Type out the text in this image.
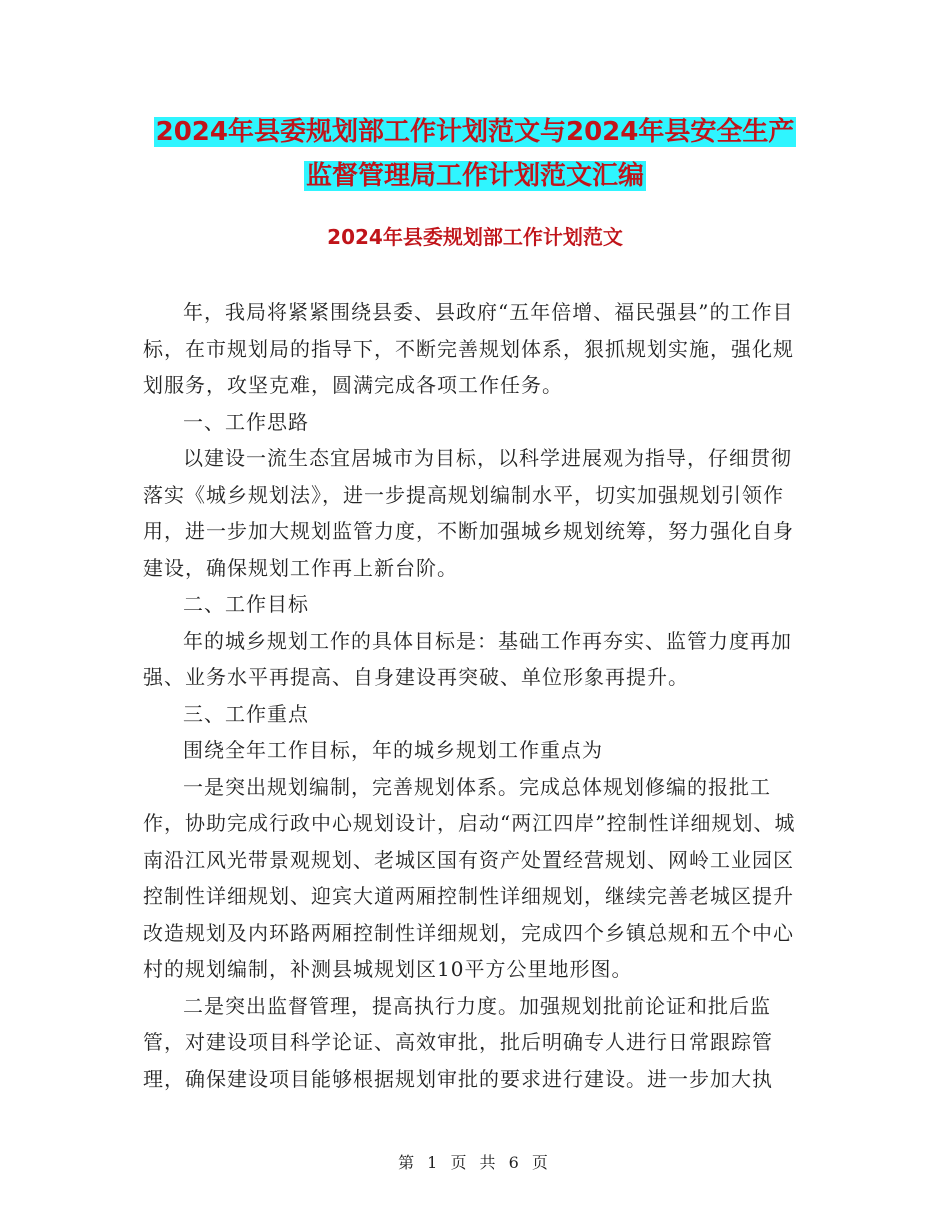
2024年县委规划部工作计划范文与2024年县安全生产
监督管理局工作计划范文汇编
2024年县委规划部工作计划范文

年，我局将紧紧围绕县委、县政府“五年倍增、福民强县”的工作目标，在市规划局的指导下，不断完善规划体系，狠抓规划实施，强化规划服务，攻坚克难，圆满完成各项工作任务。

一、工作思路

以建设一流生态宜居城市为目标，以科学进展观为指导，仔细贯彻落实《城乡规划法》，进一步提高规划编制水平，切实加强规划引领作用，进一步加大规划监管力度，不断加强城乡规划统筹，努力强化自身建设，确保规划工作再上新台阶。

二、工作目标

年的城乡规划工作的具体目标是：基础工作再夯实、监管力度再加强、业务水平再提高、自身建设再突破、单位形象再提升。

三、工作重点

围绕全年工作目标，年的城乡规划工作重点为

一是突出规划编制，完善规划体系。完成总体规划修编的报批工作，协助完成行政中心规划设计，启动“两江四岸”控制性详细规划、城南沿江风光带景观规划、老城区国有资产处置经营规划、网岭工业园区控制性详细规划、迎宾大道两厢控制性详细规划，继续完善老城区提升改造规划及内环路两厢控制性详细规划，完成四个乡镇总规和五个中心村的规划编制，补测县城规划区10平方公里地形图。

二是突出监督管理，提高执行力度。加强规划批前论证和批后监管，对建设项目科学论证、高效审批，批后明确专人进行日常跟踪管理，确保建设项目能够根据规划审批的要求进行建设。进一步加大执

第 1 页 共 6 页
